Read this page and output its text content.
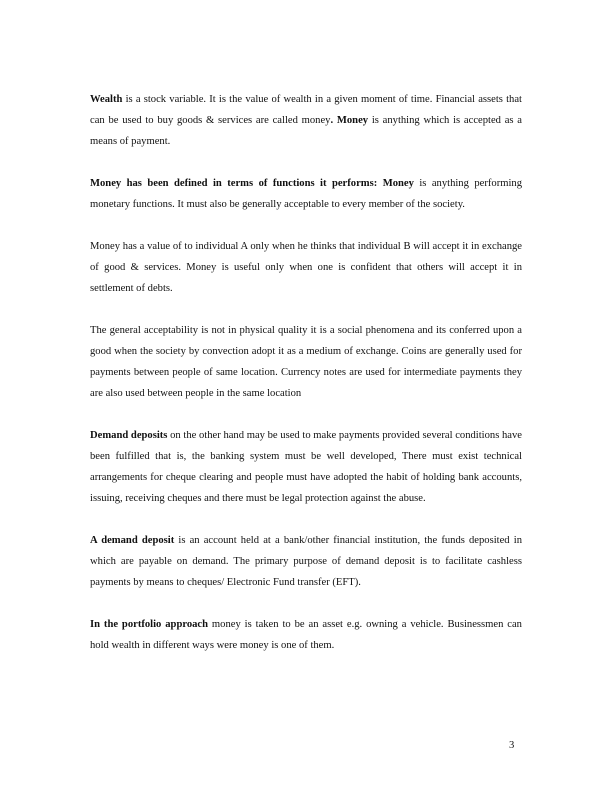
Wealth is a stock variable. It is the value of wealth in a given moment of time. Financial assets that can be used to buy goods & services are called money. Money is anything which is accepted as a means of payment.

Money has been defined in terms of functions it performs: Money is anything performing monetary functions. It must also be generally acceptable to every member of the society.

Money has a value of to individual A only when he thinks that individual B will accept it in exchange of good & services. Money is useful only when one is confident that others will accept it in settlement of debts.

The general acceptability is not in physical quality it is a social phenomena and its conferred upon a good when the society by convection adopt it as a medium of exchange. Coins are generally used for payments between people of same location. Currency notes are used for intermediate payments they are also used between people in the same location

Demand deposits on the other hand may be used to make payments provided several conditions have been fulfilled that is, the banking system must be well developed, There must exist technical arrangements for cheque clearing and people must have adopted the habit of holding bank accounts, issuing, receiving cheques and there must be legal protection against the abuse.

A demand deposit is an account held at a bank/other financial institution, the funds deposited in which are payable on demand. The primary purpose of demand deposit is to facilitate cashless payments by means to cheques/ Electronic Fund transfer (EFT).

In the portfolio approach money is taken to be an asset e.g. owning a vehicle. Businessmen can hold wealth in different ways were money is one of them.

3
